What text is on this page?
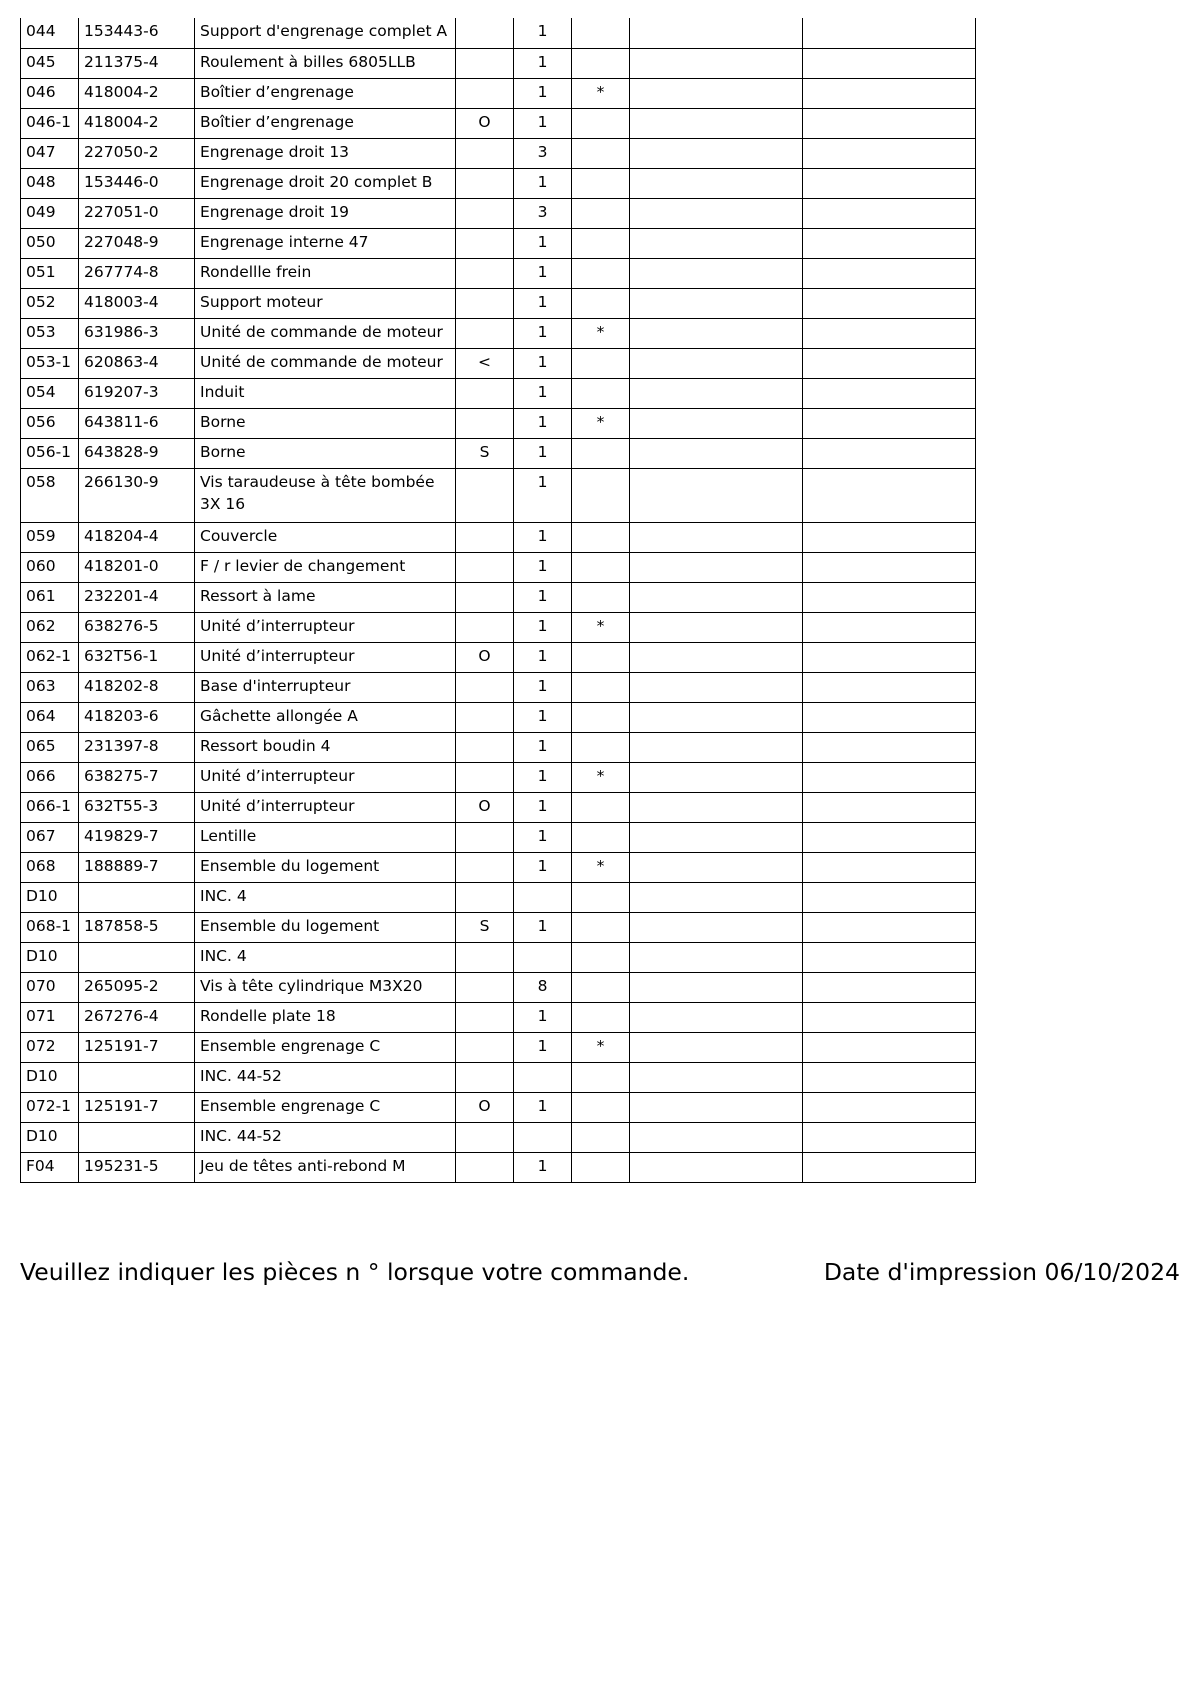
044	153443-6	Support d'engrenage complet A		1			
045	211375-4	Roulement à billes 6805LLB		1			
046	418004-2	Boîtier d’engrenage		1	*		
046-1	418004-2	Boîtier d’engrenage	O	1			
047	227050-2	Engrenage droit 13		3			
048	153446-0	Engrenage droit 20 complet B		1			
049	227051-0	Engrenage droit 19		3			
050	227048-9	Engrenage interne 47		1			
051	267774-8	Rondellle frein		1			
052	418003-4	Support moteur		1			
053	631986-3	Unité de commande de moteur		1	*		
053-1	620863-4	Unité de commande de moteur	<	1			
054	619207-3	Induit		1			
056	643811-6	Borne		1	*		
056-1	643828-9	Borne	S	1			
058	266130-9	Vis taraudeuse à tête bombée 3X 16		1			
059	418204-4	Couvercle		1			
060	418201-0	F / r levier de changement		1			
061	232201-4	Ressort à lame		1			
062	638276-5	Unité d’interrupteur		1	*		
062-1	632T56-1	Unité d’interrupteur	O	1			
063	418202-8	Base d'interrupteur		1			
064	418203-6	Gâchette allongée A		1			
065	231397-8	Ressort boudin 4		1			
066	638275-7	Unité d’interrupteur		1	*		
066-1	632T55-3	Unité d’interrupteur	O	1			
067	419829-7	Lentille		1			
068	188889-7	Ensemble du logement		1	*		
D10		INC. 4					
068-1	187858-5	Ensemble du logement	S	1			
D10		INC. 4					
070	265095-2	Vis à tête cylindrique M3X20		8			
071	267276-4	Rondelle plate 18		1			
072	125191-7	Ensemble engrenage C		1	*		
D10		INC. 44-52					
072-1	125191-7	Ensemble engrenage C	O	1			
D10		INC. 44-52					
F04	195231-5	Jeu de têtes anti-rebond M		1			
Veuillez indiquer les pièces n ° lorsque votre commande.	Date d'impression 06/10/2024
